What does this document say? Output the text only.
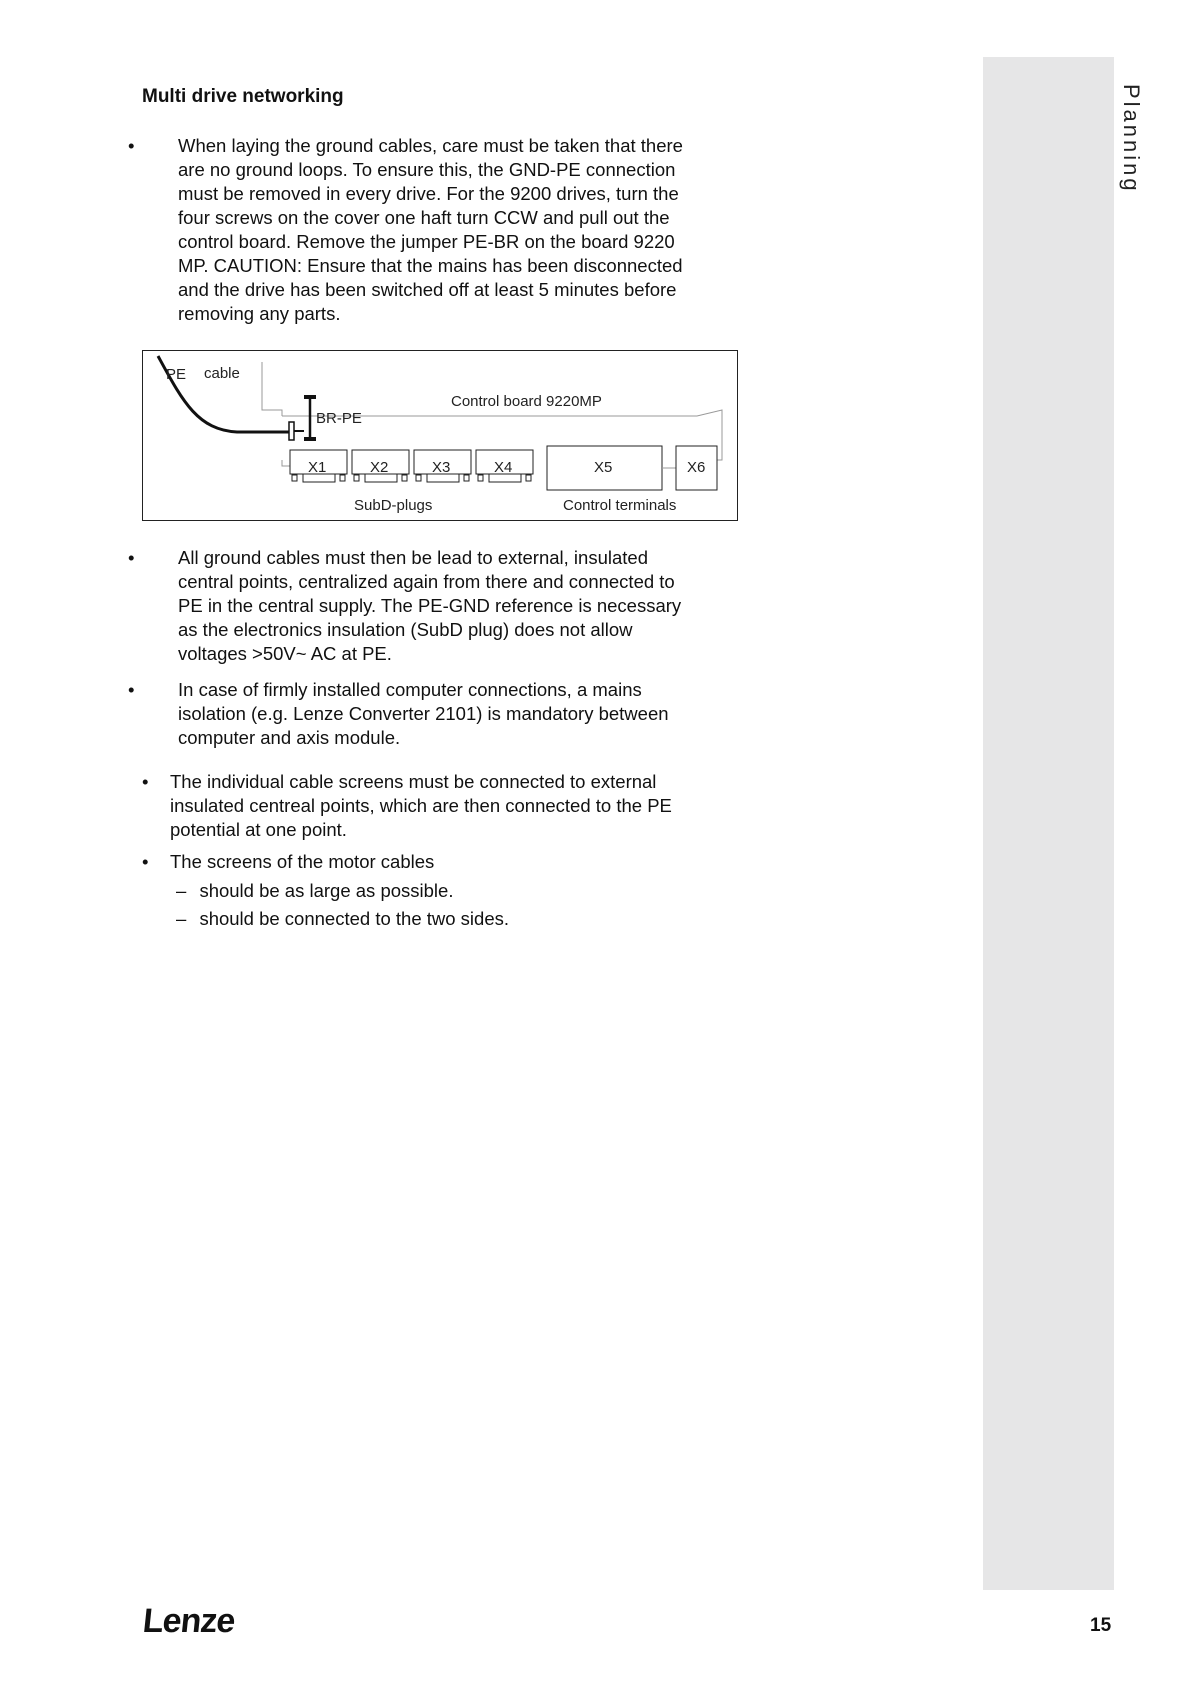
Planning
Multi drive networking
• When laying the ground cables, care must be taken that there
are no ground loops. To ensure this, the GND-PE connection
must be removed in every drive. For the 9200 drives, turn the
four screws on the cover one haft turn CCW and pull out the
control board. Remove the jumper PE-BR on the board 9220
MP. CAUTION: Ensure that the mains has been disconnected
and the drive has been switched off at least 5 minutes before
removing any parts.
PE cable
BR-PE
Control board 9220MP
X1	X2	X3	X4	X5	X6
SubD-plugs	Control terminals
• All ground cables must then be lead to external, insulated
central points, centralized again from there and connected to
PE in the central supply. The PE-GND reference is necessary
as the electronics insulation (SubD plug) does not allow
voltages >50V~ AC at PE.
• In case of firmly installed computer connections, a mains
isolation (e.g. Lenze Converter 2101) is mandatory between
computer and axis module.
• The individual cable screens must be connected to external
insulated centreal points, which are then connected to the PE
potential at one point.
• The screens of the motor cables
– should be as large as possible.
– should be connected to the two sides.
Lenze	15
